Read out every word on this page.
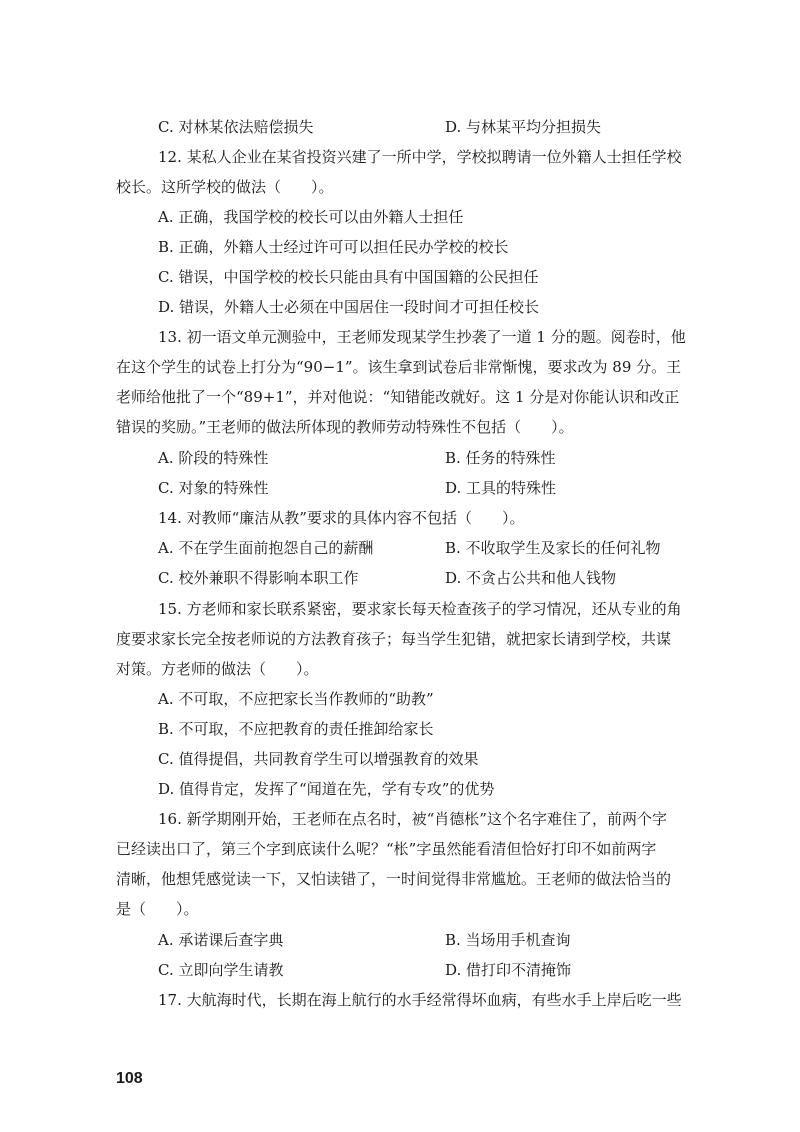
C. 对林某依法赔偿损失	D. 与林某平均分担损失
12. 某私人企业在某省投资兴建了一所中学，学校拟聘请一位外籍人士担任学校
校长。这所学校的做法（　　）。
A. 正确，我国学校的校长可以由外籍人士担任
B. 正确，外籍人士经过许可可以担任民办学校的校长
C. 错误，中国学校的校长只能由具有中国国籍的公民担任
D. 错误，外籍人士必须在中国居住一段时间才可担任校长
13. 初一语文单元测验中，王老师发现某学生抄袭了一道 1 分的题。阅卷时，他
在这个学生的试卷上打分为“90−1”。该生拿到试卷后非常惭愧，要求改为 89 分。王
老师给他批了一个“89+1”，并对他说：“知错能改就好。这 1 分是对你能认识和改正
错误的奖励。”王老师的做法所体现的教师劳动特殊性不包括（　　）。
A. 阶段的特殊性	B. 任务的特殊性
C. 对象的特殊性	D. 工具的特殊性
14. 对教师“廉洁从教”要求的具体内容不包括（　　）。
A. 不在学生面前抱怨自己的薪酬	B. 不收取学生及家长的任何礼物
C. 校外兼职不得影响本职工作	D. 不贪占公共和他人钱物
15. 方老师和家长联系紧密，要求家长每天检查孩子的学习情况，还从专业的角
度要求家长完全按老师说的方法教育孩子；每当学生犯错，就把家长请到学校，共谋
对策。方老师的做法（　　）。
A. 不可取，不应把家长当作教师的“助教”
B. 不可取，不应把教育的责任推卸给家长
C. 值得提倡，共同教育学生可以增强教育的效果
D. 值得肯定，发挥了“闻道在先，学有专攻”的优势
16. 新学期刚开始，王老师在点名时，被“肖德枨”这个名字难住了，前两个字
已经读出口了，第三个字到底读什么呢？“枨”字虽然能看清但恰好打印不如前两字
清晰，他想凭感觉读一下，又怕读错了，一时间觉得非常尴尬。王老师的做法恰当的
是（　　）。
A. 承诺课后查字典	B. 当场用手机查询
C. 立即向学生请教	D. 借打印不清掩饰
17. 大航海时代，长期在海上航行的水手经常得坏血病，有些水手上岸后吃一些
108
